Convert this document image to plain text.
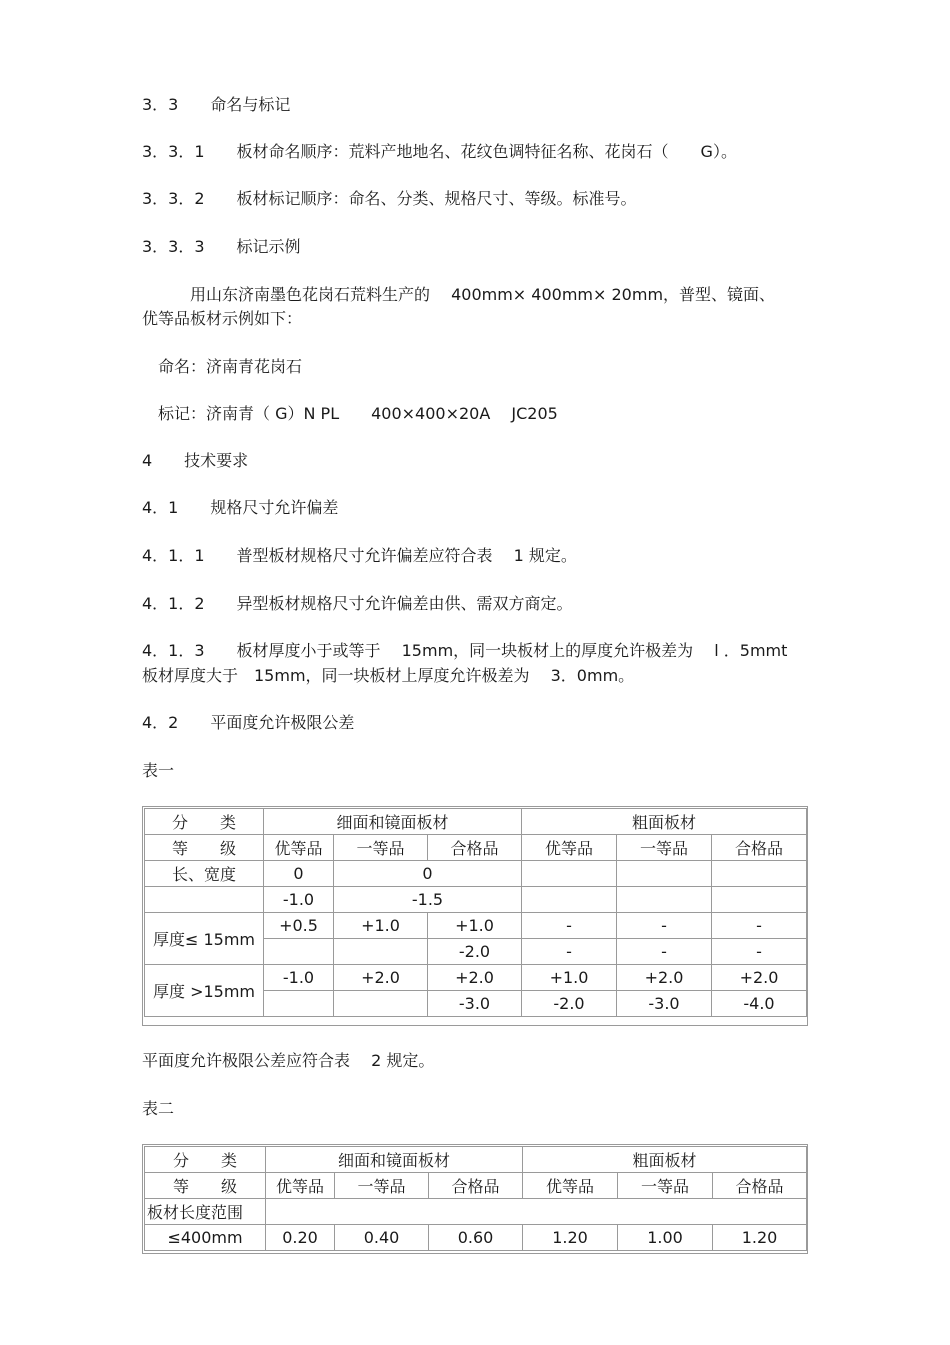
3．3　　命名与标记
3．3．1　　板材命名顺序：荒料产地地名、花纹色调特征名称、花岗石（　　G）。
3．3．2　　板材标记顺序：命名、分类、规格尺寸、等级。标准号。
3．3．3　　标记示例
　　　用山东济南墨色花岗石荒料生产的　 400mm× 400mm× 20mm，普型、镜面、
优等品板材示例如下：
　命名：济南青花岗石
　标记：济南青（ G）N PL　　400×400×20A　 JC205
4　　技术要求
4．1　　规格尺寸允许偏差
4．1．1　　普型板材规格尺寸允许偏差应符合表　 1 规定。
4．1．2　　异型板材规格尺寸允许偏差由供、需双方商定。
4．1．3　　板材厚度小于或等于　 15mm，同一块板材上的厚度允许极差为　 l ．5mmt
板材厚度大于　15mm，同一块板材上厚度允许极差为　 3．0mm。
4．2　　平面度允许极限公差
表一
分　　类	细面和镜面板材			粗面板材		
等　　级	优等品	一等品	合格品	优等品	一等品	合格品
长、宽度	0	0				
	-1.0	-1.5				
厚度≤ 15mm	+0.5	+1.0	+1.0	-	-	-
			-2.0	-	-	-
厚度 >15mm	-1.0	+2.0	+2.0	+1.0	+2.0	+2.0
			-3.0	-2.0	-3.0	-4.0
平面度允许极限公差应符合表　 2 规定。
表二
分　　类	细面和镜面板材			粗面板材		
等　　级	优等品	一等品	合格品	优等品	一等品	合格品
板材长度范围						
≤400mm	0.20	0.40	0.60	1.20	1.00	1.20
